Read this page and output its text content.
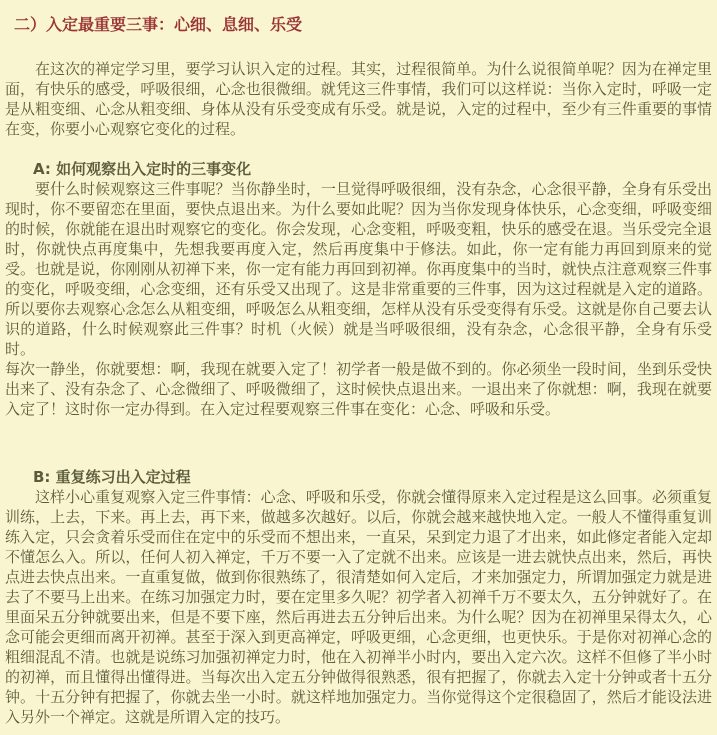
二）入定最重要三事：心细、息细、乐受

在这次的禅定学习里，要学习认识入定的过程。其实，过程很简单。为什么说很简单呢？因为在禅定里面，有快乐的感受，呼吸很细，心念也很微细。就凭这三件事情，我们可以这样说：当你入定时，呼吸一定是从粗变细、心念从粗变细、身体从没有乐受变成有乐受。就是说，入定的过程中，至少有三件重要的事情在变，你要小心观察它变化的过程。

A: 如何观察出入定时的三事变化

要什么时候观察这三件事呢？当你静坐时，一旦觉得呼吸很细，没有杂念，心念很平静，全身有乐受出现时，你不要留恋在里面，要快点退出来。为什么要如此呢？因为当你发现身体快乐，心念变细，呼吸变细的时候，你就能在退出时观察它的变化。你会发现，心念变粗，呼吸变粗，快乐的感受在退。当乐受完全退时，你就快点再度集中，先想我要再度入定，然后再度集中于修法。如此，你一定有能力再回到原来的觉受。也就是说，你刚刚从初禅下来，你一定有能力再回到初禅。你再度集中的当时，就快点注意观察三件事的变化，呼吸变细，心念变细，还有乐受又出现了。这是非常重要的三件事，因为这过程就是入定的道路。所以要你去观察心念怎么从粗变细，呼吸怎么从粗变细，怎样从没有乐受变得有乐受。这就是你自己要去认识的道路，什么时候观察此三件事？时机（火候）就是当呼吸很细，没有杂念，心念很平静，全身有乐受时。

每次一静坐，你就要想：啊，我现在就要入定了！初学者一般是做不到的。你必须坐一段时间，坐到乐受快出来了、没有杂念了、心念微细了、呼吸微细了，这时候快点退出来。一退出来了你就想：啊，我现在就要入定了！这时你一定办得到。在入定过程要观察三件事在变化：心念、呼吸和乐受。

B: 重复练习出入定过程

这样小心重复观察入定三件事情：心念、呼吸和乐受，你就会懂得原来入定过程是这么回事。必须重复训练，上去，下来。再上去，再下来，做越多次越好。以后，你就会越来越快地入定。一般人不懂得重复训练入定，只会贪着乐受而住在定中的乐受而不想出来，一直呆，呆到定力退了才出来，如此修定者能入定却不懂怎么入。所以，任何人初入禅定，千万不要一入了定就不出来。应该是一进去就快点出来，然后，再快点进去快点出来。一直重复做，做到你很熟练了，很清楚如何入定后，才来加强定力，所谓加强定力就是进去了不要马上出来。在练习加强定力时，要在定里多久呢？初学者入初禅千万不要太久，五分钟就好了。在里面呆五分钟就要出来，但是不要下座，然后再进去五分钟后出来。为什么呢？因为在初禅里呆得太久，心念可能会更细而离开初禅。甚至于深入到更高禅定，呼吸更细，心念更细，也更快乐。于是你对初禅心念的粗细混乱不清。也就是说练习加强初禅定力时，他在入初禅半小时内，要出入定六次。这样不但修了半小时的初禅，而且懂得出懂得进。当每次出入定五分钟做得很熟悉，很有把握了，你就去入定十分钟或者十五分钟。十五分钟有把握了，你就去坐一小时。就这样地加强定力。当你觉得这个定很稳固了，然后才能设法进入另外一个禅定。这就是所谓入定的技巧。
